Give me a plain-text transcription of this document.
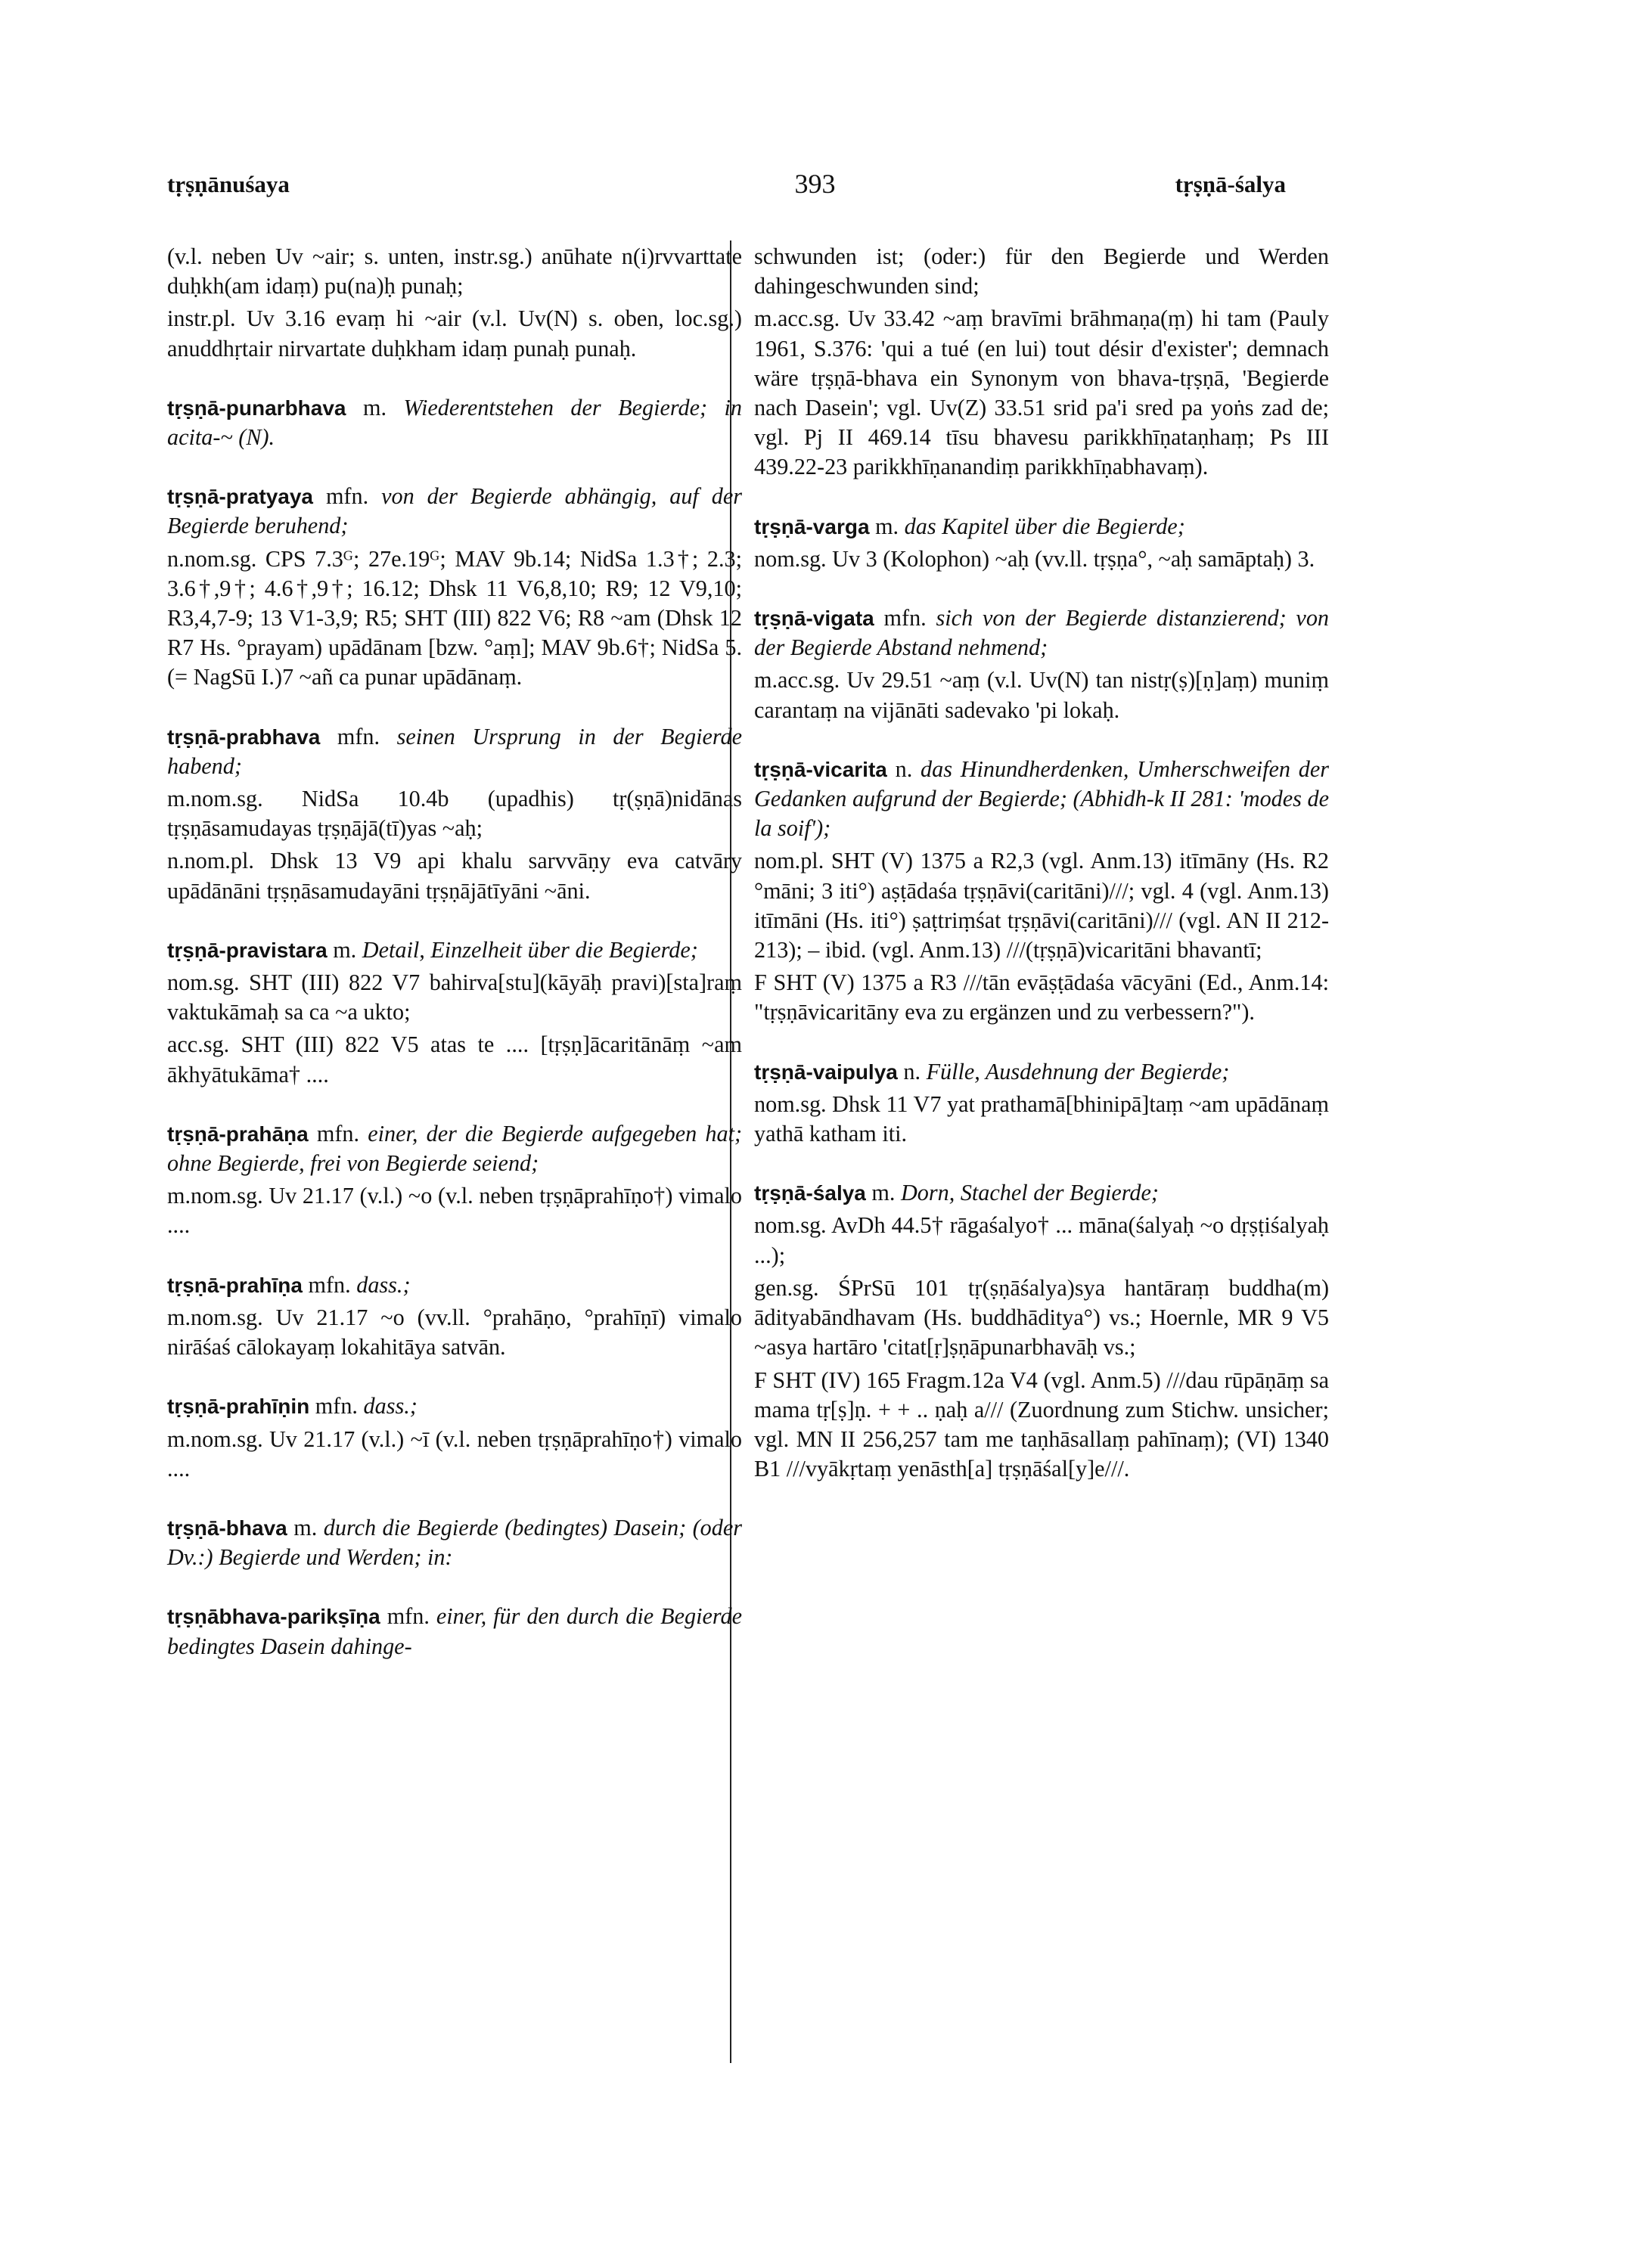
tṛṣṇānuśaya	393	tṛṣṇā-śalya

(v.l. neben Uv ~air; s. unten, instr.sg.) anūhate n(i)rvvarttate duḥkh(am idaṃ) pu(na)ḥ punaḥ;

instr.pl. Uv 3.16 evaṃ hi ~air (v.l. Uv(N) s. oben, loc.sg.) anuddhṛtair nirvartate duḥkham idaṃ punaḥ punaḥ.

tṛṣṇā-punarbhava m. Wiederentstehen der Begierde; in acita-~ (N).

tṛṣṇā-pratyaya mfn. von der Begierde abhängig, auf der Begierde beruhend;

n.nom.sg. CPS 7.3ᴳ; 27e.19ᴳ; MAV 9b.14; NidSa 1.3†; 2.3; 3.6†,9†; 4.6†,9†; 16.12; Dhsk 11 V6,8,10; R9; 12 V9,10; R3,4,7-9; 13 V1-3,9; R5; SHT (III) 822 V6; R8 ~am (Dhsk 12 R7 Hs. °prayam) upādānam [bzw. °aṃ]; MAV 9b.6†; NidSa 5.(= NagSū I.)7 ~añ ca punar upādānaṃ.

tṛṣṇā-prabhava mfn. seinen Ursprung in der Begierde habend;

m.nom.sg. NidSa 10.4b (upadhis) tṛ(ṣṇā)nidānas tṛṣṇāsamudayas tṛṣṇājā(tī)yas ~aḥ;

n.nom.pl. Dhsk 13 V9 api khalu sarvvāṇy eva catvāry upādānāni tṛṣṇāsamudayāni tṛṣṇājātīyāni ~āni.

tṛṣṇā-pravistara m. Detail, Einzelheit über die Begierde;

nom.sg. SHT (III) 822 V7 bahirva[stu](kāyāḥ pravi)[sta]raṃ vaktukāmaḥ sa ca ~a ukto;

acc.sg. SHT (III) 822 V5 atas te .... [tṛṣṇ]ācaritānāṃ ~am ākhyātukāma† ....

tṛṣṇā-prahāṇa mfn. einer, der die Begierde aufgegeben hat; ohne Begierde, frei von Begierde seiend;

m.nom.sg. Uv 21.17 (v.l.) ~o (v.l. neben tṛṣṇāprahīṇo†) vimalo ....

tṛṣṇā-prahīṇa mfn. dass.;

m.nom.sg. Uv 21.17 ~o (vv.ll. °prahāṇo, °prahīṇī) vimalo nirāśaś cālokayaṃ lokahitāya satvān.

tṛṣṇā-prahīṇin mfn. dass.;

m.nom.sg. Uv 21.17 (v.l.) ~ī (v.l. neben tṛṣṇāprahīṇo†) vimalo ....

tṛṣṇā-bhava m. durch die Begierde (bedingtes) Dasein; (oder Dv.:) Begierde und Werden; in:

tṛṣṇābhava-parikṣīṇa mfn. einer, für den durch die Begierde bedingtes Dasein dahinge-

schwunden ist; (oder:) für den Begierde und Werden dahingeschwunden sind;

m.acc.sg. Uv 33.42 ~aṃ bravīmi brāhmaṇa(ṃ) hi tam (Pauly 1961, S.376: 'qui a tué (en lui) tout désir d'exister'; demnach wäre tṛṣṇā-bhava ein Synonym von bhava-tṛṣṇā, 'Begierde nach Dasein'; vgl. Uv(Z) 33.51 srid pa'i sred pa yoṅs zad de; vgl. Pj II 469.14 tīsu bhavesu parikkhīṇataṇhaṃ; Ps III 439.22-23 parikkhīṇanandiṃ parikkhīṇabhavaṃ).

tṛṣṇā-varga m. das Kapitel über die Begierde;

nom.sg. Uv 3 (Kolophon) ~aḥ (vv.ll. tṛṣṇa°, ~aḥ samāptaḥ) 3.

tṛṣṇā-vigata mfn. sich von der Begierde distanzierend; von der Begierde Abstand nehmend;

m.acc.sg. Uv 29.51 ~aṃ (v.l. Uv(N) tan nistṛ(ṣ)[ṇ]aṃ) muniṃ carantaṃ na vijānāti sadevako 'pi lokaḥ.

tṛṣṇā-vicarita n. das Hinundherdenken, Umherschweifen der Gedanken aufgrund der Begierde; (Abhidh-k II 281: 'modes de la soif');

nom.pl. SHT (V) 1375 a R2,3 (vgl. Anm.13) itīmāny (Hs. R2 °māni; 3 iti°) aṣṭādaśa tṛṣṇāvi(caritāni)///; vgl. 4 (vgl. Anm.13) itīmāni (Hs. iti°) ṣaṭtriṃśat tṛṣṇāvi(caritāni)/// (vgl. AN II 212-213); – ibid. (vgl. Anm.13) ///(tṛṣṇā)vicaritāni bhavantī;

F SHT (V) 1375 a R3 ///tān evāṣṭādaśa vācyāni (Ed., Anm.14: "tṛṣṇāvicaritāny eva zu ergänzen und zu verbessern?").

tṛṣṇā-vaipulya n. Fülle, Ausdehnung der Begierde;

nom.sg. Dhsk 11 V7 yat prathamā[bhinipā]taṃ ~am upādānaṃ yathā katham iti.

tṛṣṇā-śalya m. Dorn, Stachel der Begierde;

nom.sg. AvDh 44.5† rāgaśalyo† ... māna(śalyaḥ ~o dṛṣṭiśalyaḥ ...);

gen.sg. ŚPrSū 101 tṛ(ṣṇāśalya)sya hantāraṃ buddha(m) ādityabāndhavam (Hs. buddhāditya°) vs.; Hoernle, MR 9 V5 ~asya hartāro 'citat[ṛ]ṣṇāpunarbhavāḥ vs.;

F SHT (IV) 165 Fragm.12a V4 (vgl. Anm.5) ///dau rūpāṇāṃ sa mama tṛ[ṣ]ṇ. + + .. ṇaḥ a/// (Zuordnung zum Stichw. unsicher; vgl. MN II 256,257 tam me taṇhāsallaṃ pahīnaṃ); (VI) 1340 B1 ///vyākṛtaṃ yenāsth[a] tṛṣṇāśal[y]e///.
